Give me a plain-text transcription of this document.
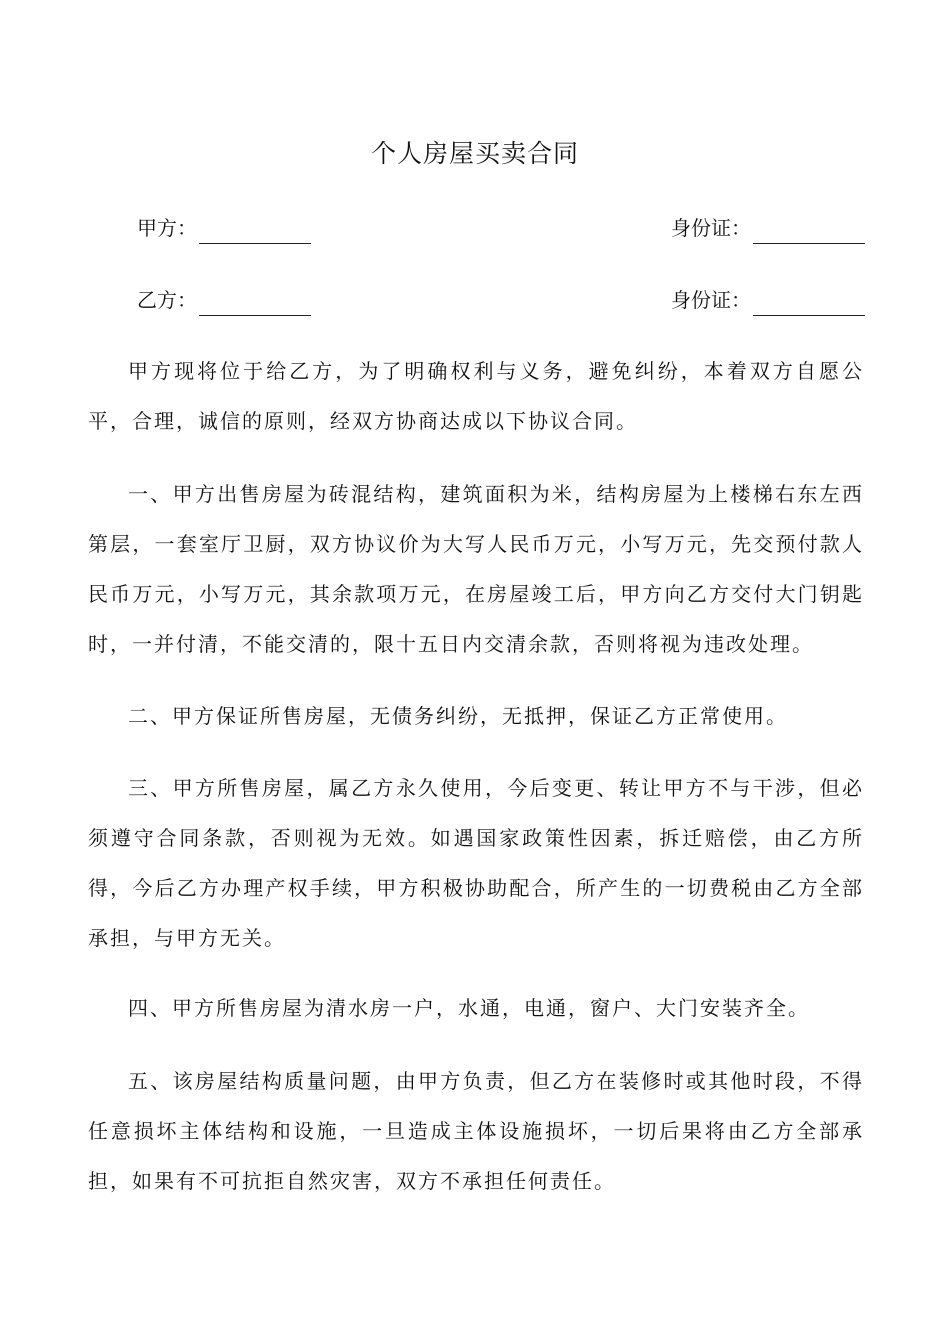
个人房屋买卖合同
甲方：	身份证：
乙方：	身份证：

甲方现将位于给乙方，为了明确权利与义务，避免纠纷，本着双方自愿公平，合理，诚信的原则，经双方协商达成以下协议合同。

一、甲方出售房屋为砖混结构，建筑面积为米，结构房屋为上楼梯右东左西第层，一套室厅卫厨，双方协议价为大写人民币万元，小写万元，先交预付款人民币万元，小写万元，其余款项万元，在房屋竣工后，甲方向乙方交付大门钥匙时，一并付清，不能交清的，限十五日内交清余款，否则将视为违改处理。

二、甲方保证所售房屋，无债务纠纷，无抵押，保证乙方正常使用。

三、甲方所售房屋，属乙方永久使用，今后变更、转让甲方不与干涉，但必须遵守合同条款，否则视为无效。如遇国家政策性因素，拆迁赔偿，由乙方所得，今后乙方办理产权手续，甲方积极协助配合，所产生的一切费税由乙方全部承担，与甲方无关。

四、甲方所售房屋为清水房一户，水通，电通，窗户、大门安装齐全。

五、该房屋结构质量问题，由甲方负责，但乙方在装修时或其他时段，不得任意损坏主体结构和设施，一旦造成主体设施损坏，一切后果将由乙方全部承担，如果有不可抗拒自然灾害，双方不承担任何责任。
